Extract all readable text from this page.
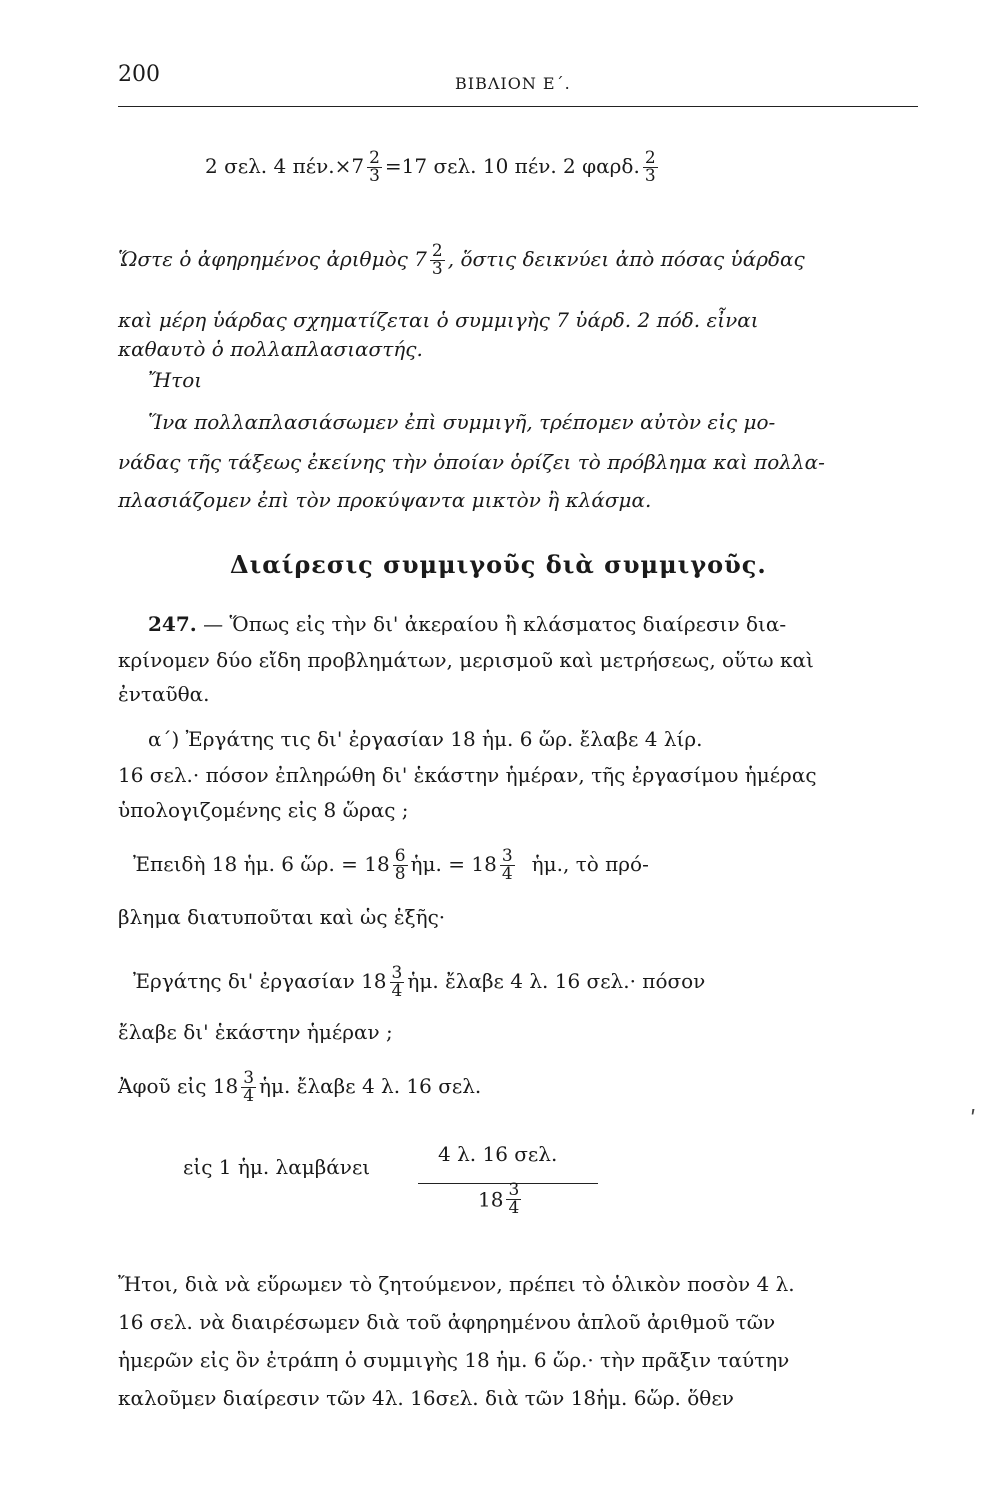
200	ΒΙΒΛΙΟΝ Ε΄.
2 σελ. 4 $\pi έ\nu.\times 7 \frac{2}{3} =17$ σελ. 10 πέν. 2 φαρδ. $\frac{2}{3}$
Ὥστε ὁ ἀφηρημένος ἀριθμὸς $7 \frac{2}{3}$ , ὅστις δεικνύει ἀπὸ πόσας ὑάρδας
καὶ μέρη ὑάρδας σχηματίζεται ὁ συμμιγὴς 7 ὑάρδ. 2 πόδ. εἶναι
καθαυτὸ ὁ πολλαπλασιαστής.
Ἤτοι
Ἵνα πολλαπλασιάσωμεν ἐπὶ συμμιγῆ, τρέπομεν αὐτὸν εἰς μο-
νάδας τῆς τάξεως ἐκείνης τὴν ὁποίαν ὁρίζει τὸ πρόβλημα καὶ πολλα-
πλασιάζομεν ἐπὶ τὸν προκύψαντα μικτὸν ἢ κλάσμα.
Διαίρεσις συμμιγοῦς διὰ συμμιγοῦς.
247. — Ὅπως εἰς τὴν δι' ἀκεραίου ἢ κλάσματος διαίρεσιν δια-
κρίνομεν δύο εἴδη προβλημάτων, μερισμοῦ καὶ μετρήσεως, οὕτω καὶ
ἐνταῦθα.
α΄) Ἐργάτης τις δι' ἐργασίαν 18 ἡμ. 6 ὥρ. ἔλαβε 4 λίρ.
16 σελ.· πόσον ἐπληρώθη δι' ἑκάστην ἡμέραν, τῆς ἐργασίμου ἡμέρας
ὑπολογιζομένης εἰς 8 ὥρας ;
Ἐπειδὴ 18 ἡμ. 6 ὥρ. = $18 \frac{6}{8}$ ἡμ. = $18 \frac{3}{4}$ ἡμ., τὸ πρό-
βλημα διατυποῦται καὶ ὡς ἑξῆς·
Ἐργάτης δι' ἐργασίαν $18 \frac{3}{4}$ ἡμ. ἔλαβε 4 λ. 16 σελ.· πόσον
ἔλαβε δι' ἑκάστην ἡμέραν ;
Ἀφοῦ εἰς $18 \frac{3}{4}$ ἡμ. ἔλαβε 4 λ. 16 σελ.
εἰς 1 ἡμ. λαμβάνει
4 λ. 16 σελ.
$18 \frac{3}{4}$
Ἤτοι, διὰ νὰ εὕρωμεν τὸ ζητούμενον, πρέπει τὸ ὁλικὸν ποσὸν 4 λ.
16 σελ. νὰ διαιρέσωμεν διὰ τοῦ ἀφηρημένου ἁπλοῦ ἀριθμοῦ τῶν
ἡμερῶν εἰς ὃν ἐτράπη ὁ συμμιγὴς 18 ἡμ. 6 ὥρ.· τὴν πρᾶξιν ταύτην
καλοῦμεν διαίρεσιν τῶν 4λ. 16σελ. διὰ τῶν 18ἡμ. 6ὥρ. ὅθεν
ʹ
